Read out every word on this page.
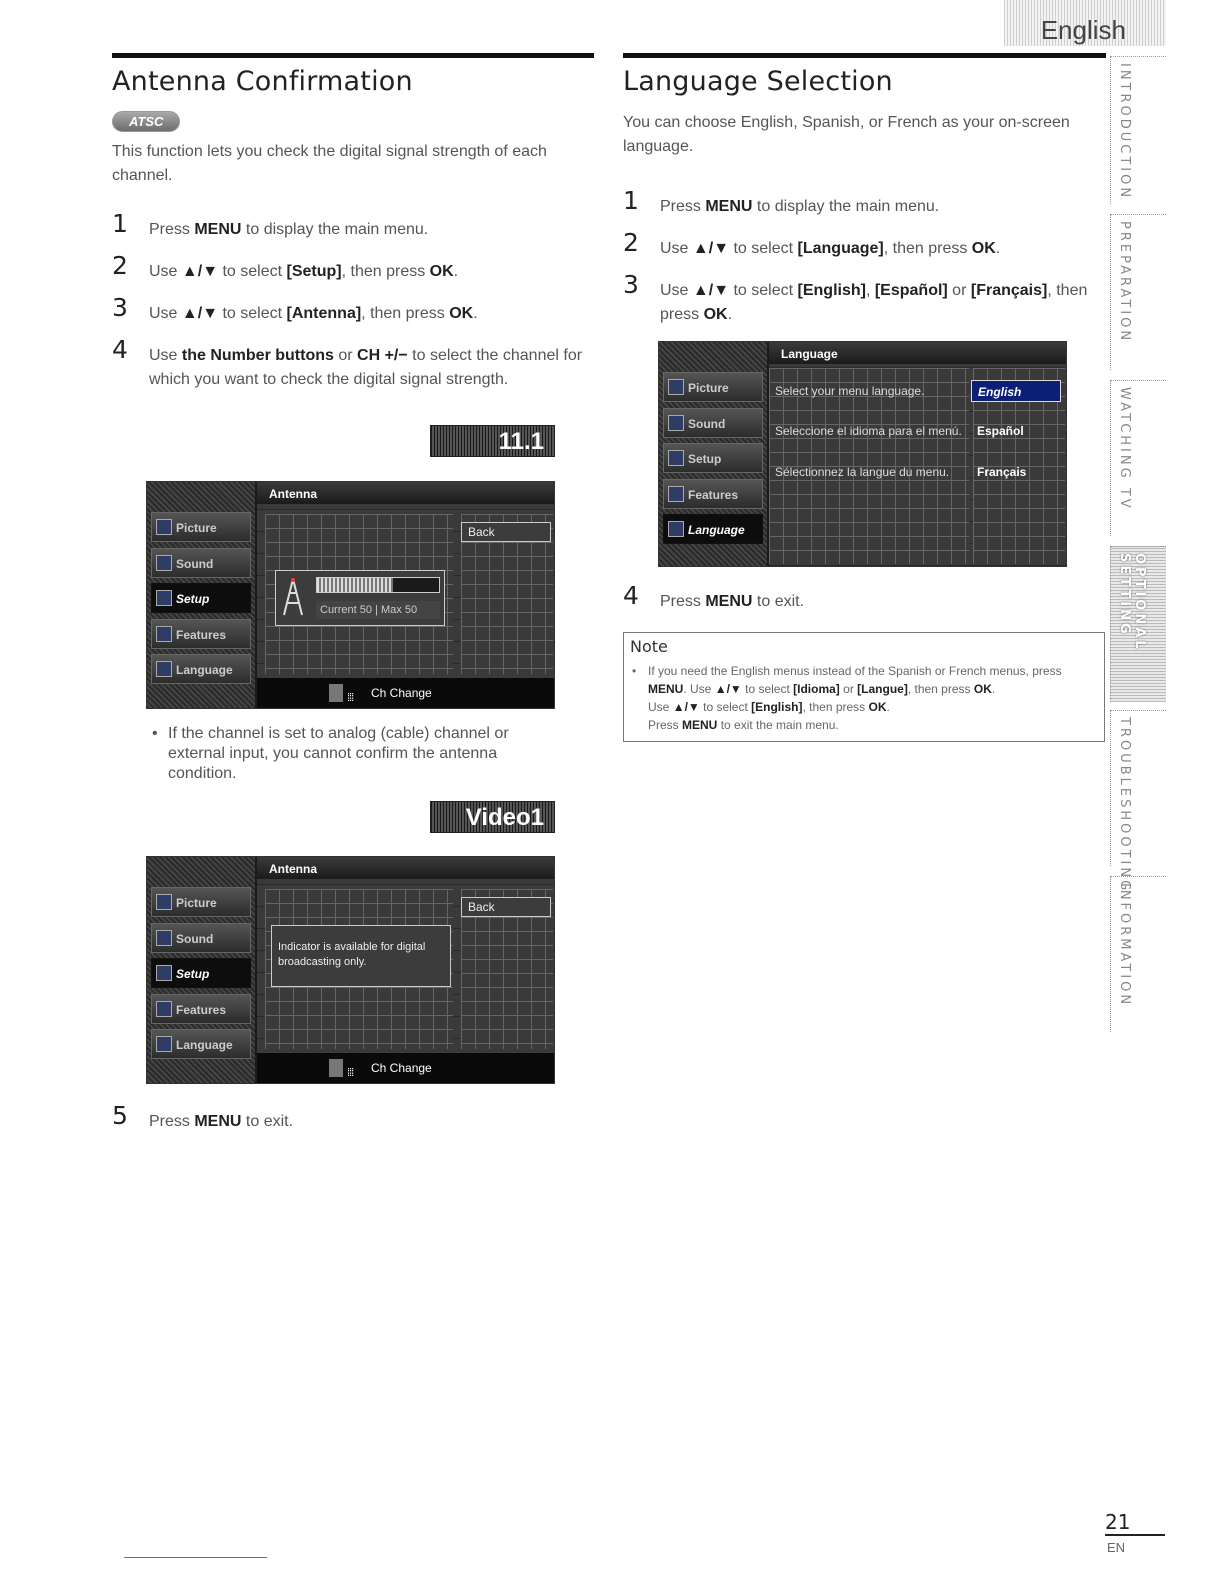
English
Antenna Confirmation
ATSC

This function lets you check the digital signal strength of each channel.

1 Press MENU to display the main menu.
2 Use ▲/▼ to select [Setup], then press OK.
3 Use ▲/▼ to select [Antenna], then press OK.
4 Use the Number buttons or CH +/− to select the channel for which you want to check the digital signal strength.
11.1
Picture
Sound
Setup
Features
Language
Antenna
Back
Current 50 | Max 50
⁞⁞⁞ Ch Change
• If the channel is set to analog (cable) channel or external input, you cannot confirm the antenna condition.
Video1
Picture
Sound
Setup
Features
Language
Antenna
Back
Indicator is available for digital broadcasting only.
⁞⁞⁞ Ch Change
5 Press MENU to exit.
Language Selection

You can choose English, Spanish, or French as your on-screen language.

1 Press MENU to display the main menu.
2 Use ▲/▼ to select [Language], then press OK.
3 Use ▲/▼ to select [English], [Español] or [Français], then press OK.
Picture
Sound
Setup
Features
Language
Language
Select your menu language.
Seleccione el idioma para el menú.
Sélectionnez la langue du menu.
English
Español
Français
4 Press MENU to exit.
Note
• If you need the English menus instead of the Spanish or French menus, press MENU. Use ▲/▼ to select [Idioma] or [Langue], then press OK.
Use ▲/▼ to select [English], then press OK.
Press MENU to exit the main menu.
INTRODUCTION
PREPARATION
WATCHING TV
OPTIONAL SETTING
TROUBLESHOOTING
INFORMATION
21
EN
